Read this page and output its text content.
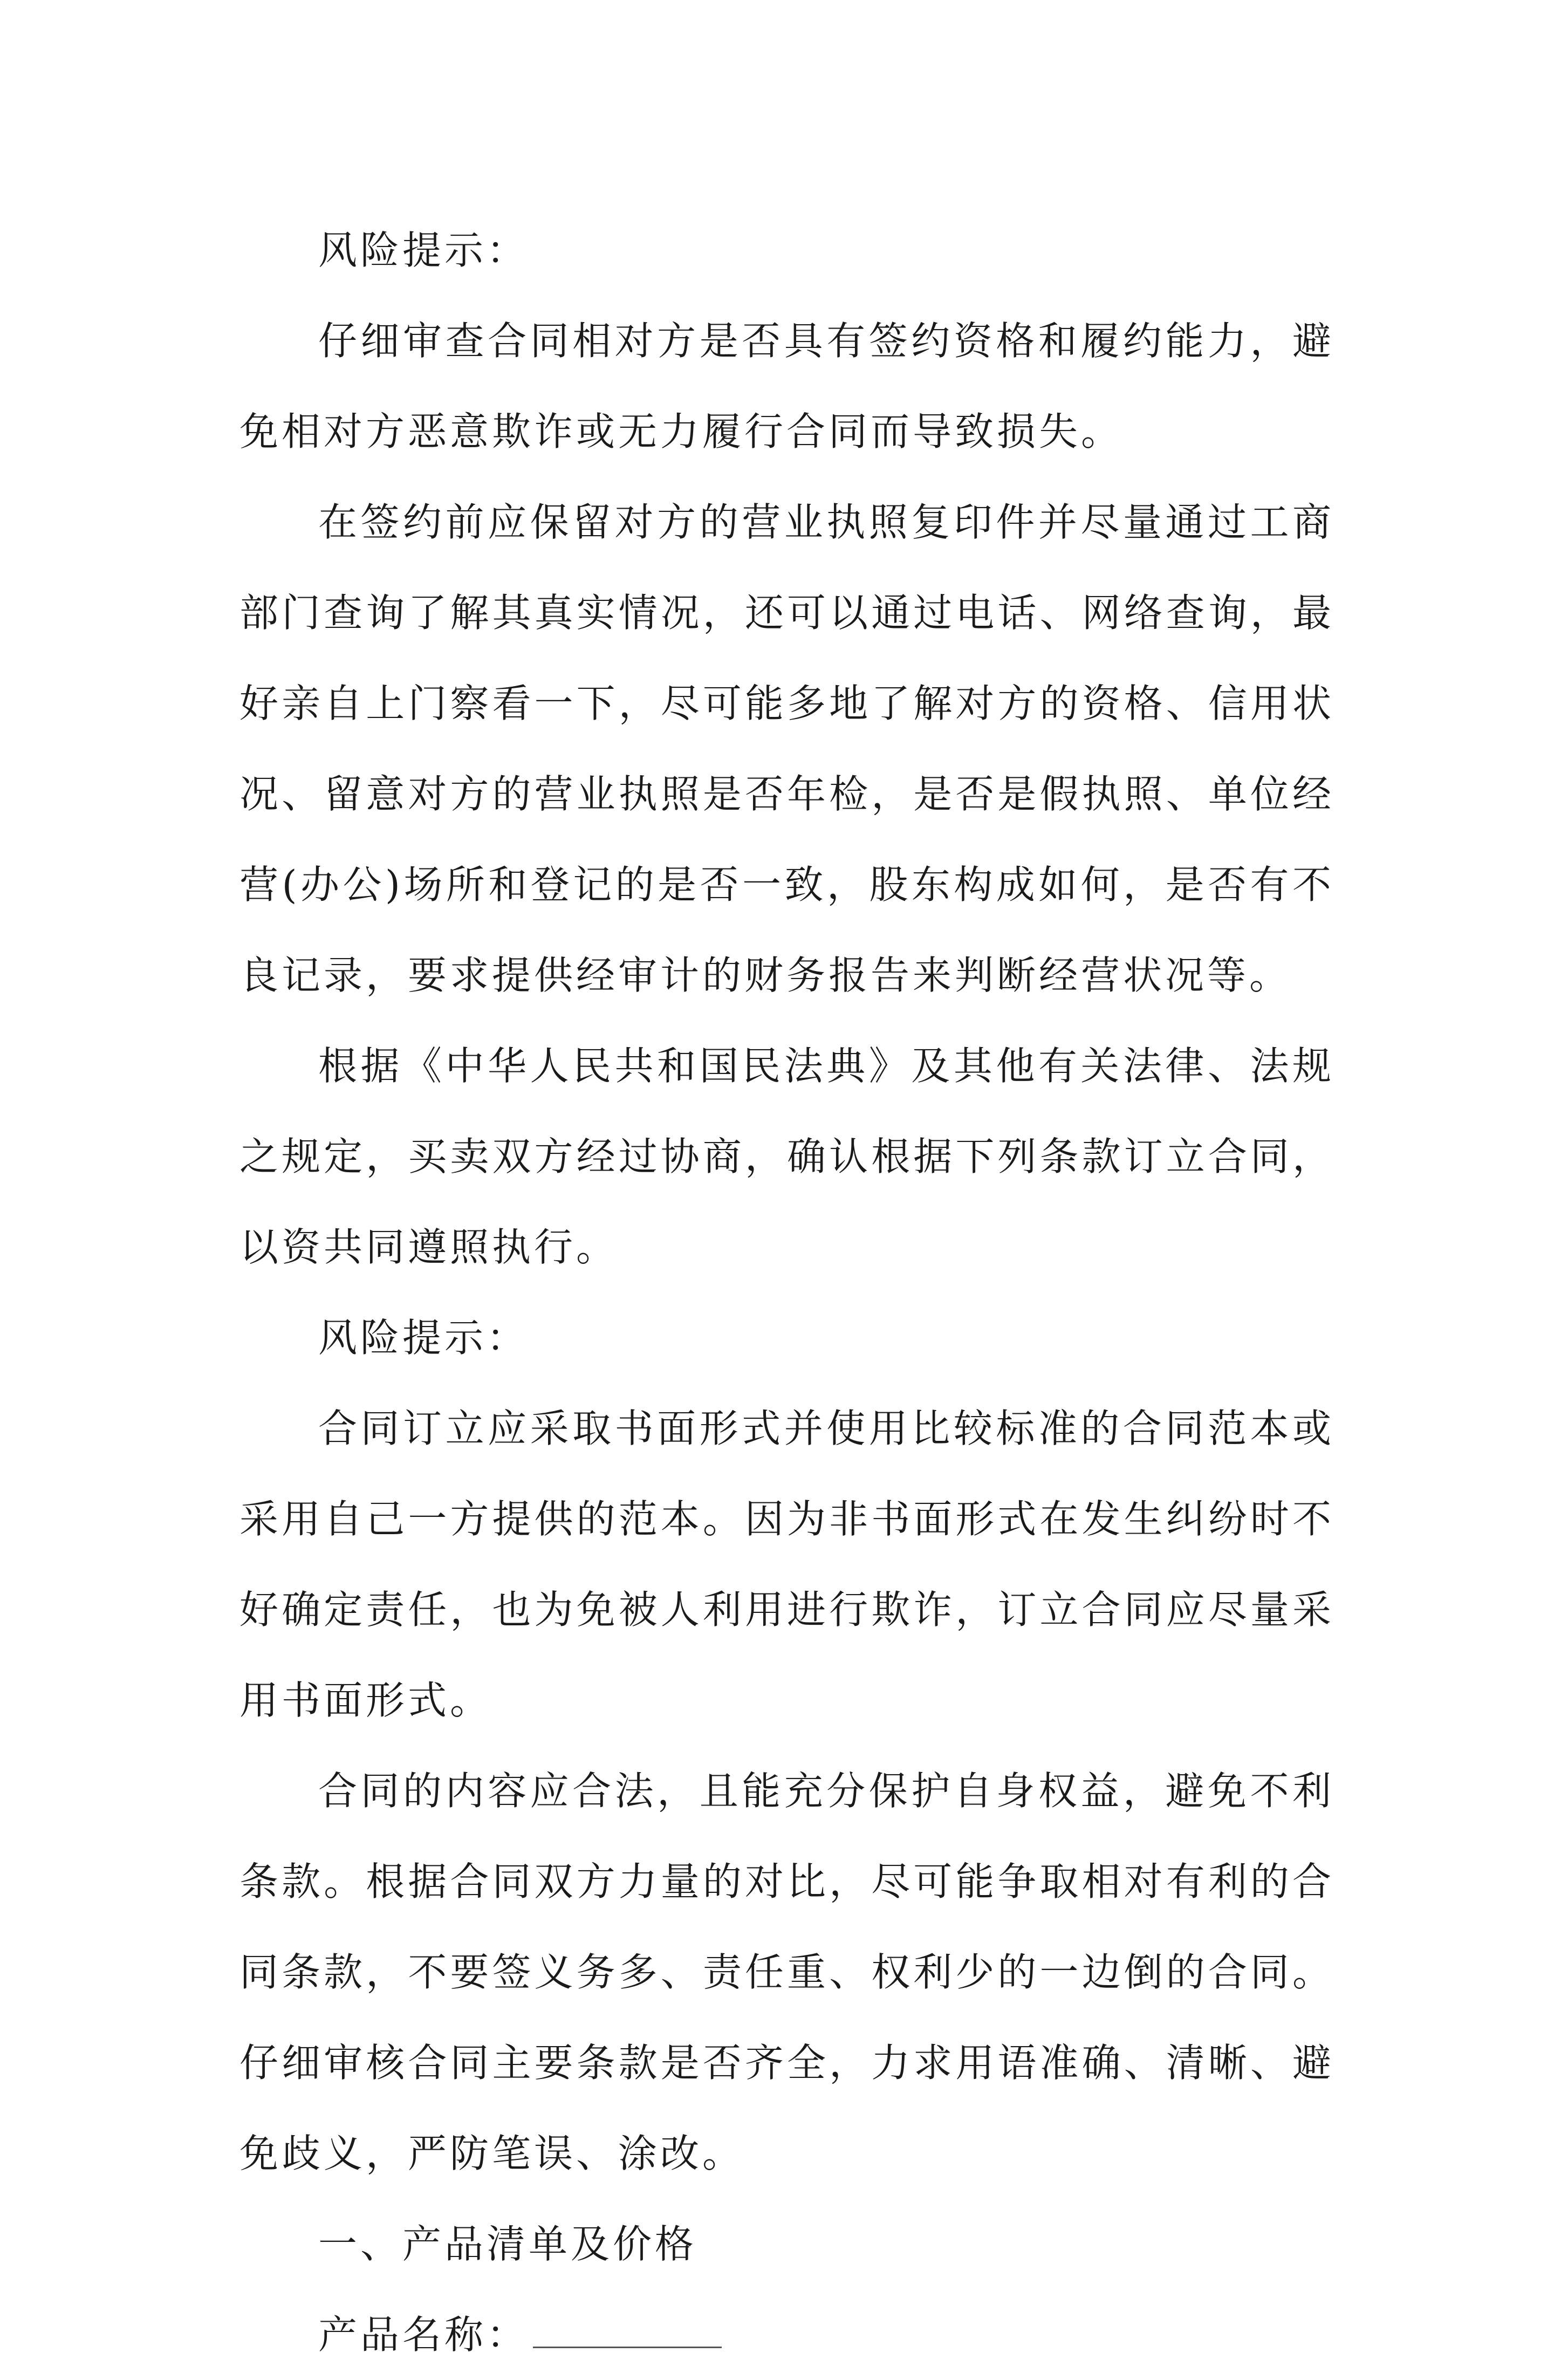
风险提示：

仔细审查合同相对方是否具有签约资格和履约能力，避免相对方恶意欺诈或无力履行合同而导致损失。

在签约前应保留对方的营业执照复印件并尽量通过工商部门查询了解其真实情况，还可以通过电话、网络查询，最好亲自上门察看一下，尽可能多地了解对方的资格、信用状况、留意对方的营业执照是否年检，是否是假执照、单位经营(办公)场所和登记的是否一致，股东构成如何，是否有不良记录，要求提供经审计的财务报告来判断经营状况等。

根据《中华人民共和国民法典》及其他有关法律、法规之规定，买卖双方经过协商，确认根据下列条款订立合同，以资共同遵照执行。

风险提示：

合同订立应采取书面形式并使用比较标准的合同范本或采用自己一方提供的范本。因为非书面形式在发生纠纷时不好确定责任，也为免被人利用进行欺诈，订立合同应尽量采用书面形式。

合同的内容应合法，且能充分保护自身权益，避免不利条款。根据合同双方力量的对比，尽可能争取相对有利的合同条款，不要签义务多、责任重、权利少的一边倒的合同。仔细审核合同主要条款是否齐全，力求用语准确、清晰、避免歧义，严防笔误、涂改。

一、产品清单及价格

产品名称：
